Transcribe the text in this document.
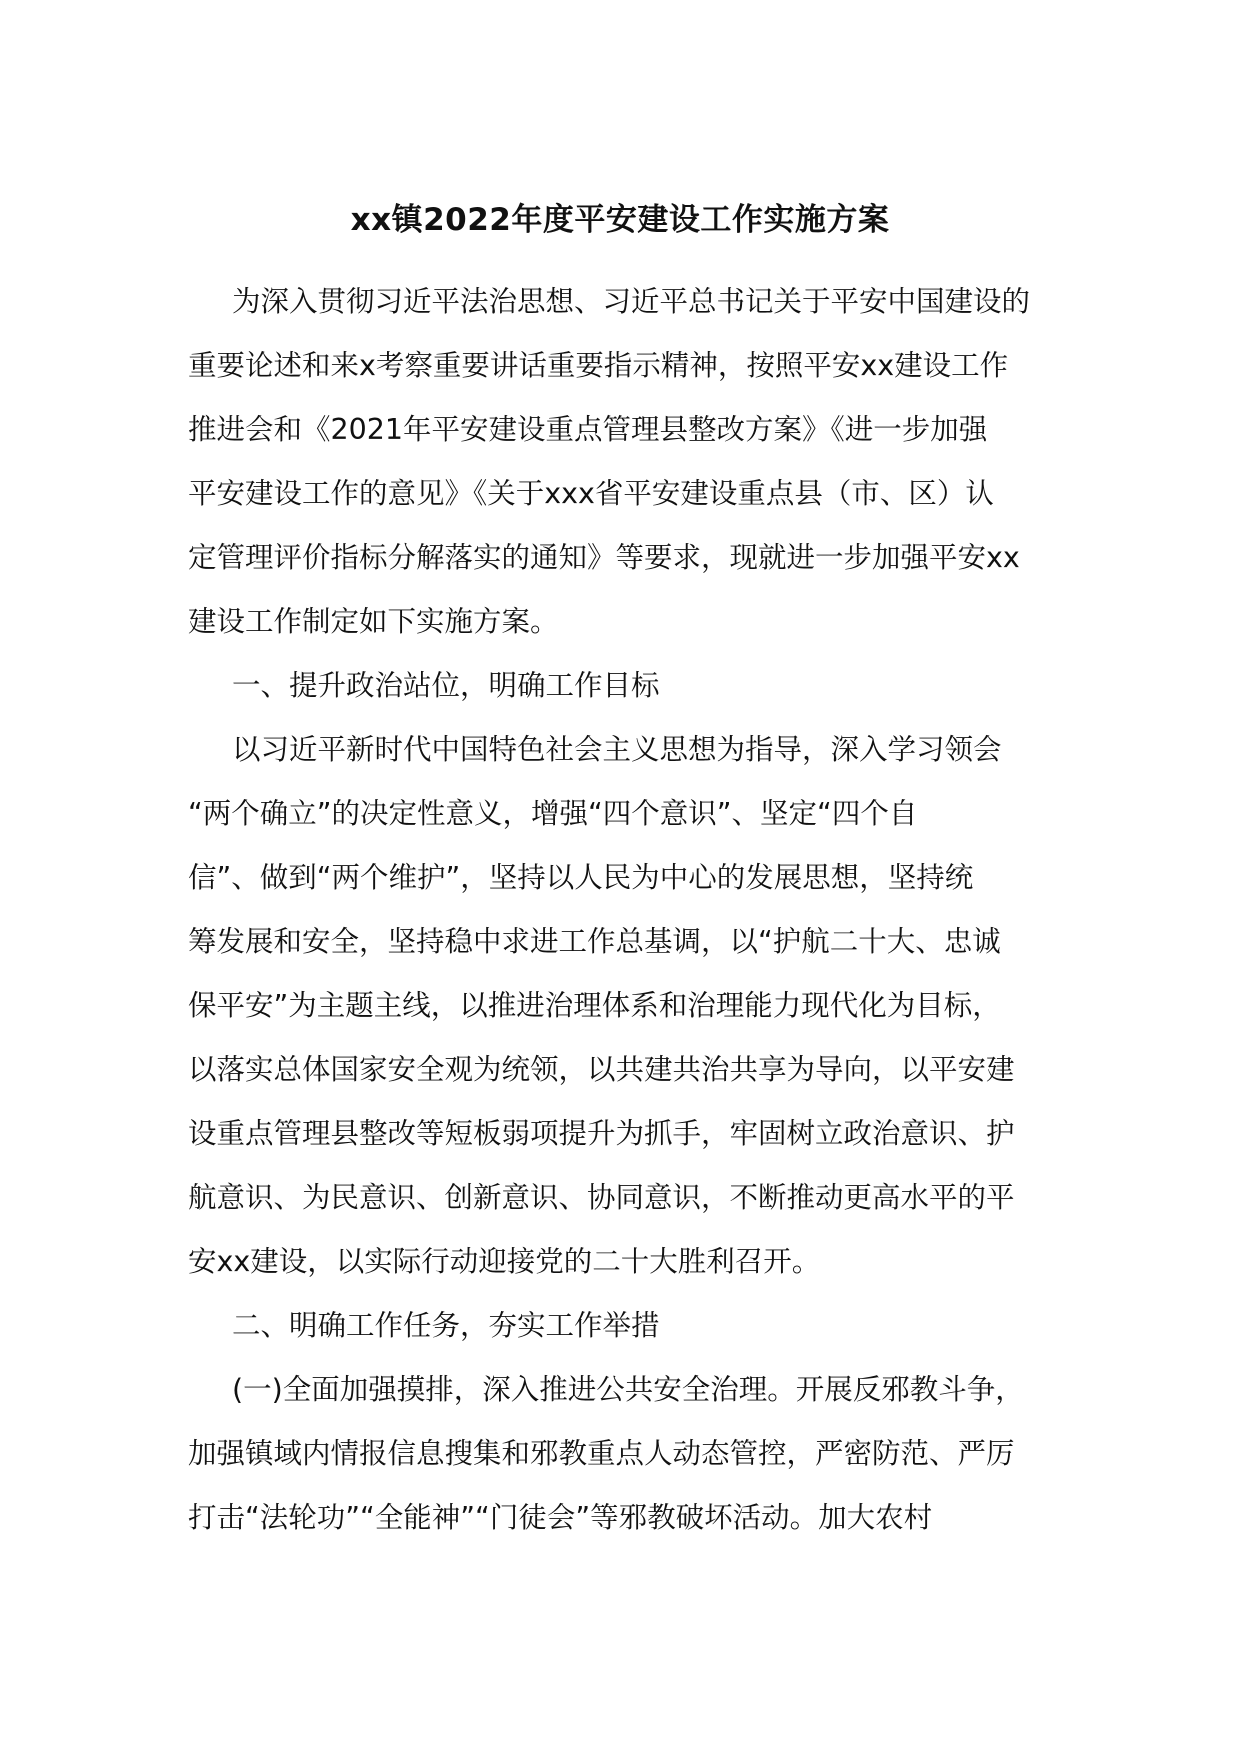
xx镇2022年度平安建设工作实施方案
为深入贯彻习近平法治思想、习近平总书记关于平安中国建设的
重要论述和来x考察重要讲话重要指示精神，按照平安xx建设工作
推进会和《2021年平安建设重点管理县整改方案》《进一步加强
平安建设工作的意见》《关于xxx省平安建设重点县（市、区）认
定管理评价指标分解落实的通知》等要求，现就进一步加强平安xx
建设工作制定如下实施方案。
一、提升政治站位，明确工作目标
以习近平新时代中国特色社会主义思想为指导，深入学习领会
“两个确立”的决定性意义，增强“四个意识”、坚定“四个自
信”、做到“两个维护”，坚持以人民为中心的发展思想，坚持统
筹发展和安全，坚持稳中求进工作总基调，以“护航二十大、忠诚
保平安”为主题主线，以推进治理体系和治理能力现代化为目标，
以落实总体国家安全观为统领，以共建共治共享为导向，以平安建
设重点管理县整改等短板弱项提升为抓手，牢固树立政治意识、护
航意识、为民意识、创新意识、协同意识，不断推动更高水平的平
安xx建设，以实际行动迎接党的二十大胜利召开。
二、明确工作任务，夯实工作举措
(一)全面加强摸排，深入推进公共安全治理。开展反邪教斗争，
加强镇域内情报信息搜集和邪教重点人动态管控，严密防范、严厉
打击“法轮功”“全能神”“门徒会”等邪教破坏活动。加大农村
